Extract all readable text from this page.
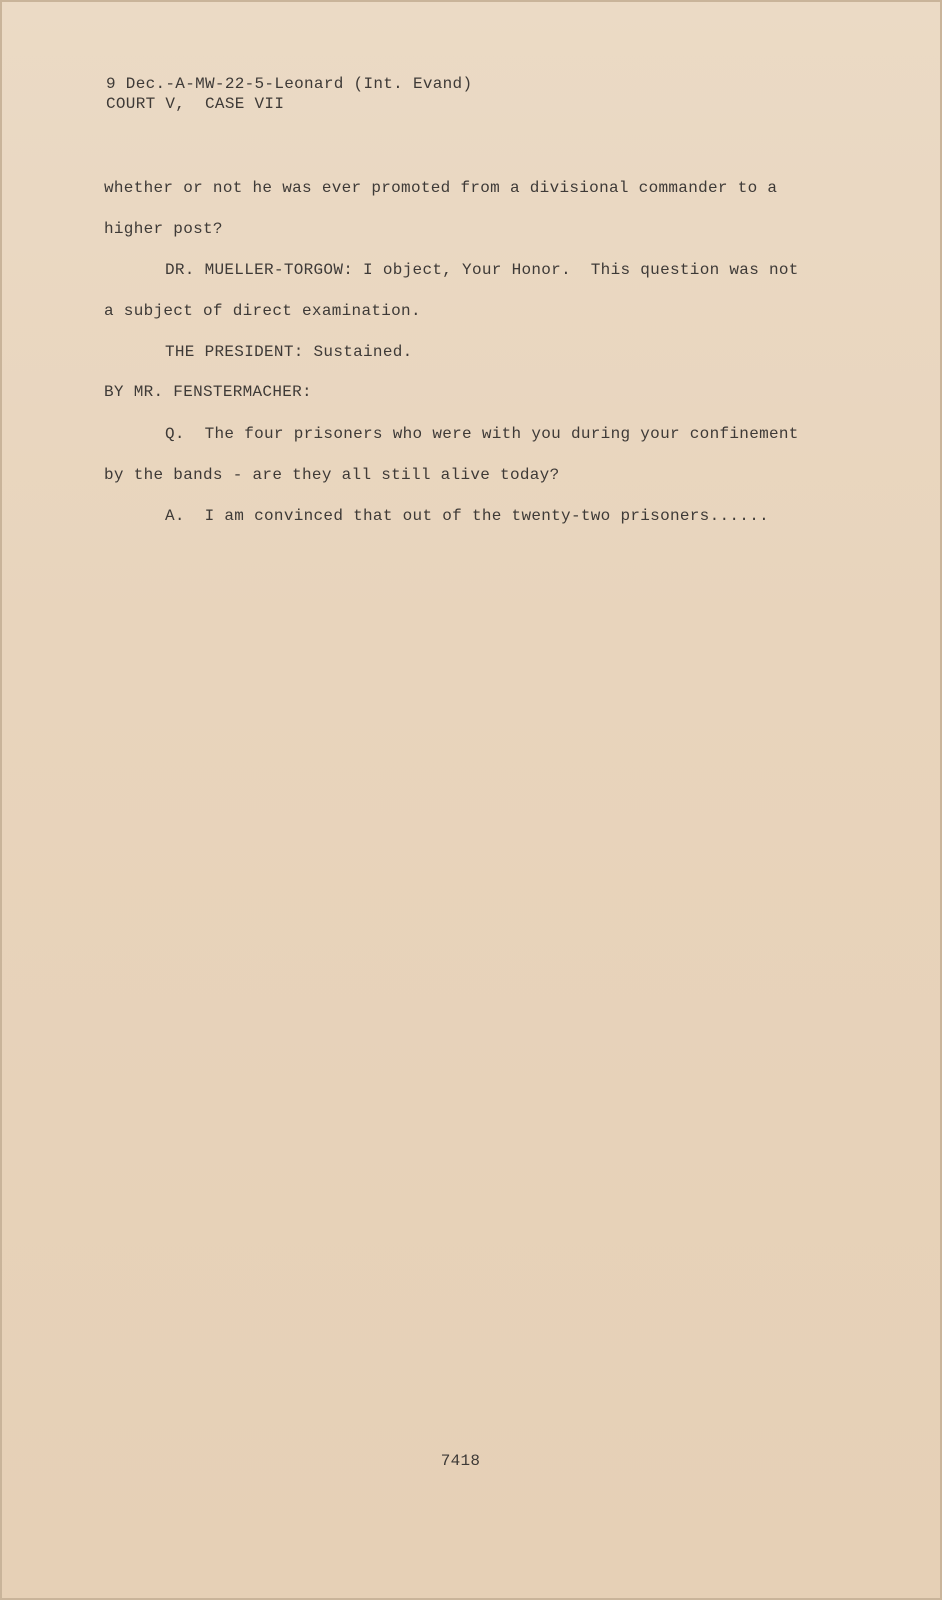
9 Dec.-A-MW-22-5-Leonard (Int. Evand)
COURT V,  CASE VII
whether or not he was ever promoted from a divisional commander to a
higher post?
DR. MUELLER-TORGOW: I object, Your Honor.  This question was not
a subject of direct examination.
THE PRESIDENT: Sustained.
BY MR. FENSTERMACHER:
Q.  The four prisoners who were with you during your confinement
by the bands - are they all still alive today?
A.  I am convinced that out of the twenty-two prisoners......
7418
